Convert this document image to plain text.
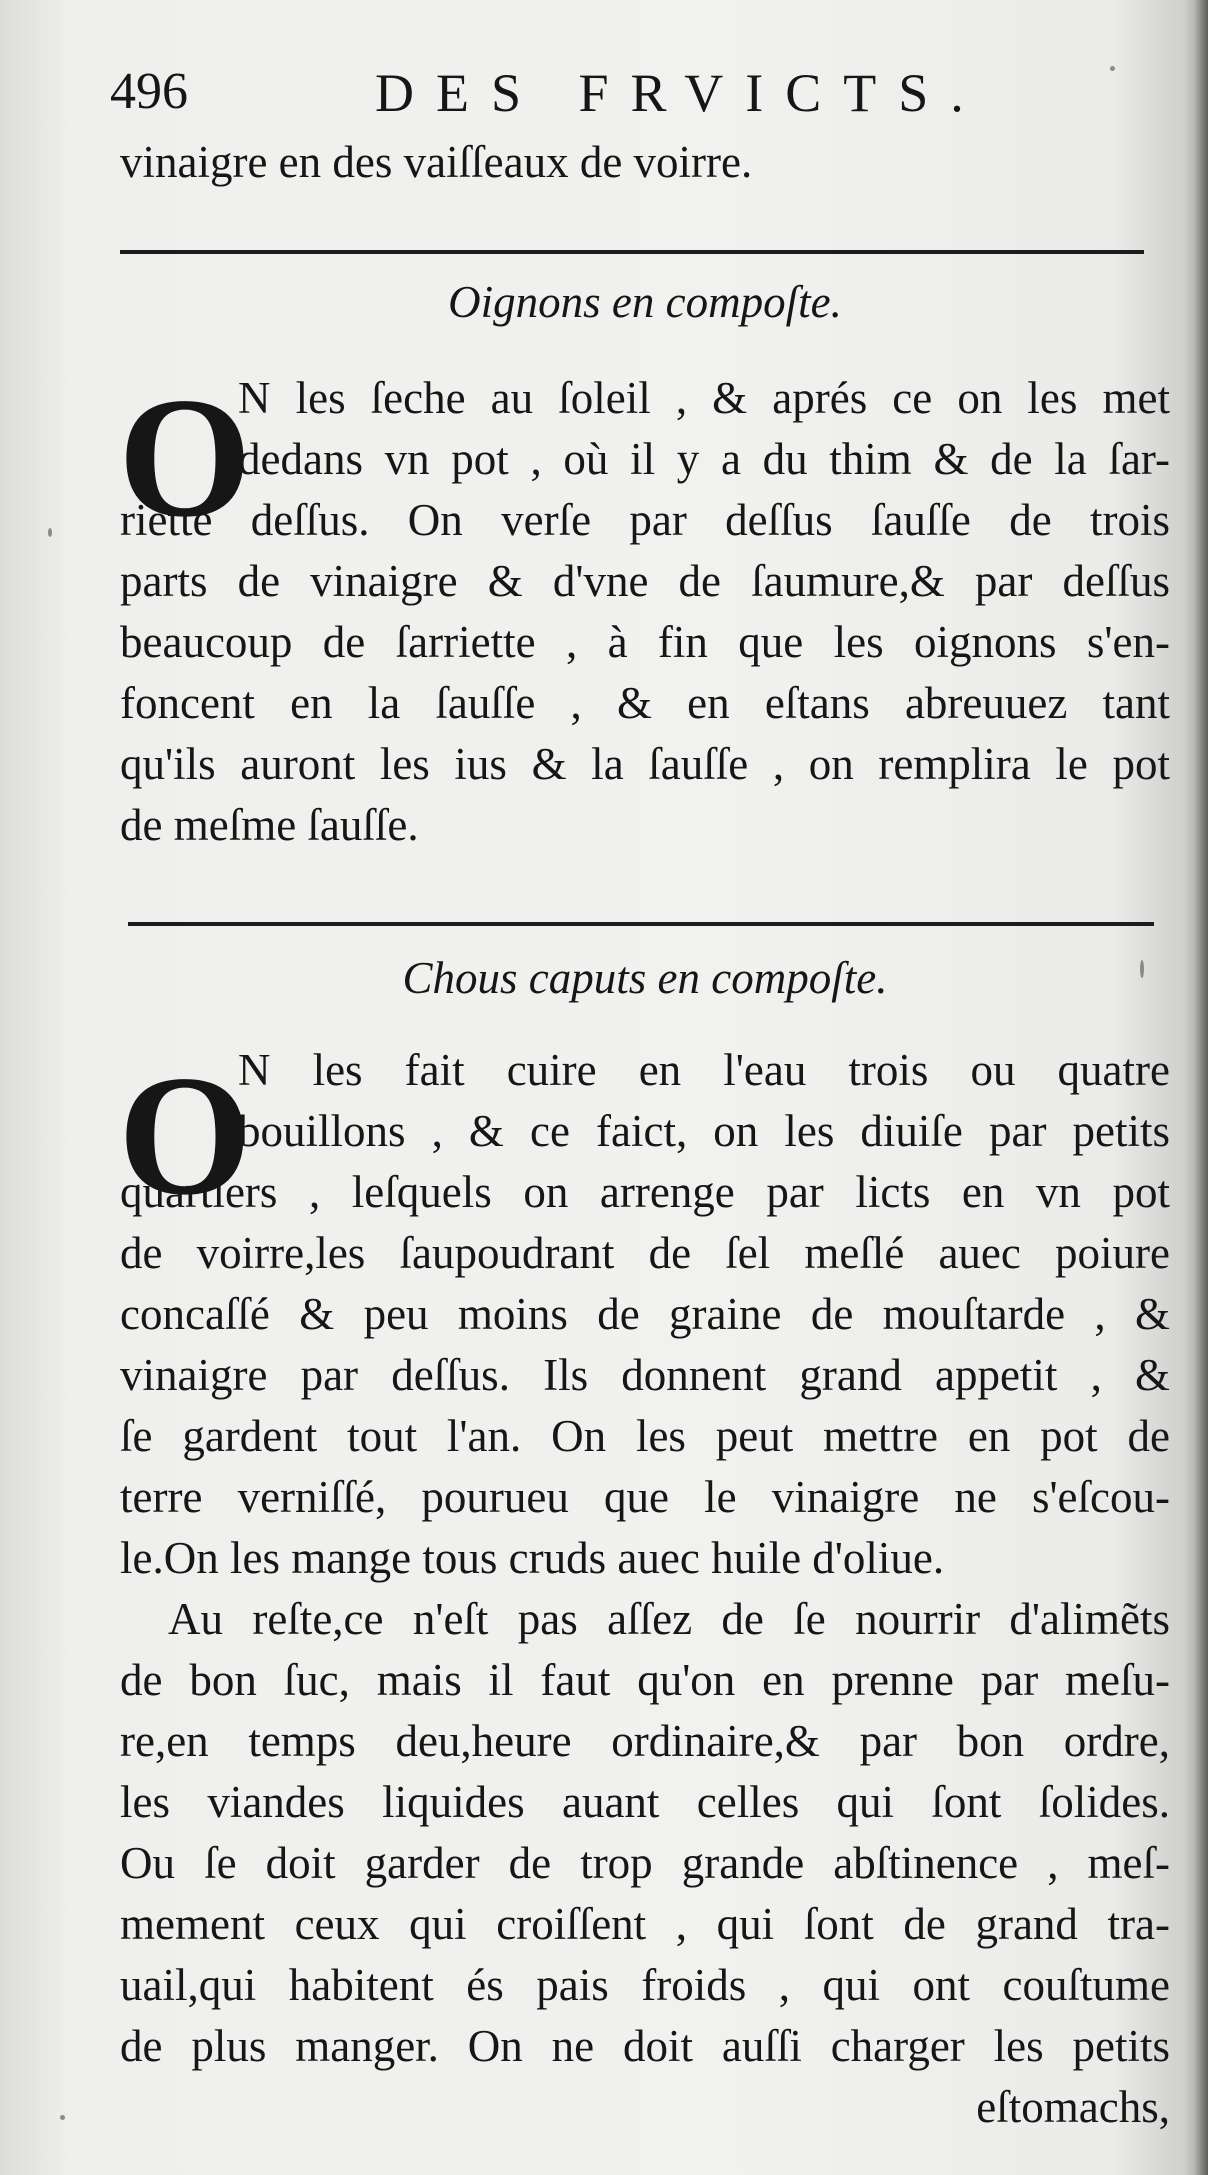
496	DES FRVICTS.
vinaigre en des vaiſſeaux de voirre.
Oignons en compoſte.
O
N les ſeche au ſoleil , & aprés ce on les met
dedans vn pot , où il y a du thim & de la ſar-
riette deſſus. On verſe par deſſus ſauſſe de trois
parts de vinaigre & d'vne de ſaumure,& par deſſus
beaucoup de ſarriette , à fin que les oignons s'en-
foncent en la ſauſſe , & en eſtans abreuuez tant
qu'ils auront les ius & la ſauſſe , on remplira le pot
de meſme ſauſſe.
Chous caputs en compoſte.
O
N les fait cuire en l'eau trois ou quatre
bouillons , & ce faict, on les diuiſe par petits
quartiers , leſquels on arrenge par licts en vn pot
de voirre,les ſaupoudrant de ſel meſlé auec poiure
concaſſé & peu moins de graine de mouſtarde , &
vinaigre par deſſus. Ils donnent grand appetit , &
ſe gardent tout l'an. On les peut mettre en pot de
terre verniſſé, pourueu que le vinaigre ne s'eſcou-
le.On les mange tous cruds auec huile d'oliue.
Au reſte,ce n'eſt pas aſſez de ſe nourrir d'alimẽts
de bon ſuc, mais il faut qu'on en prenne par meſu-
re,en temps deu,heure ordinaire,& par bon ordre,
les viandes liquides auant celles qui ſont ſolides.
Ou ſe doit garder de trop grande abſtinence , meſ-
mement ceux qui croiſſent , qui ſont de grand tra-
uail,qui habitent és pais froids , qui ont couſtume
de plus manger. On ne doit auſſi charger les petits
eſtomachs,
